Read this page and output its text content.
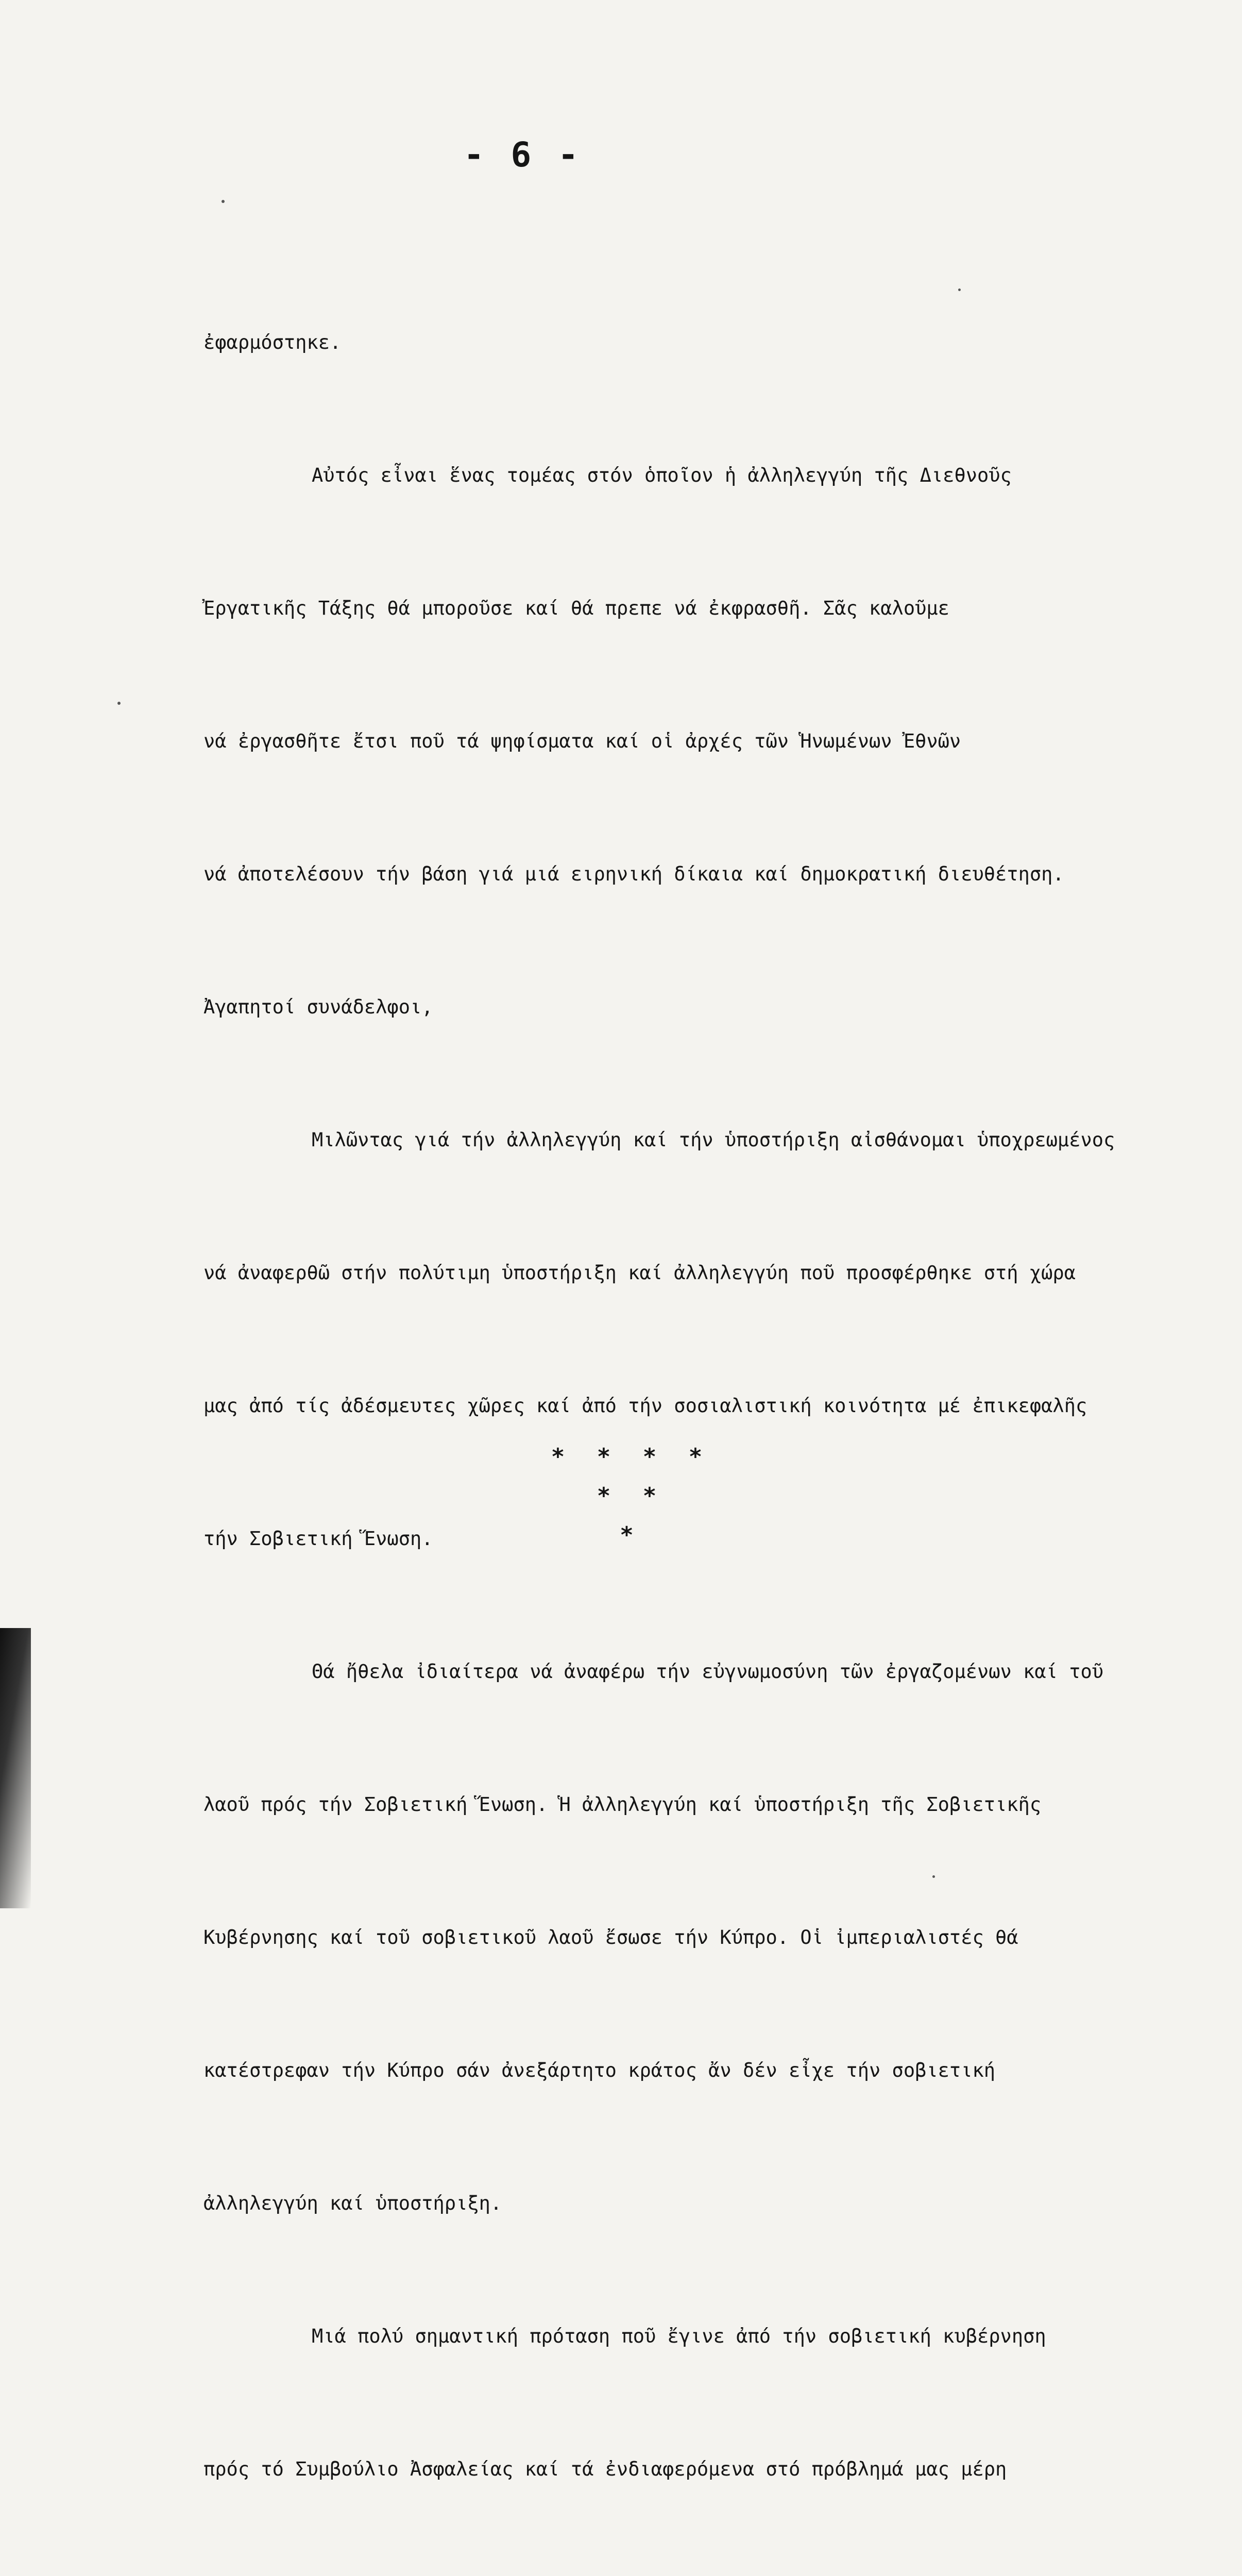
- 6 -

ἐφαρμόστηκε.

Αὐτός εἶναι ἕνας τομέας στόν ὁποῖον ἡ ἀλληλεγγύη τῆς Διεθνοῦς

Ἐργατικῆς Τάξης θά μποροῦσε καί θά πρεπε νά ἐκφρασθῆ. Σᾶς καλοῦμε

νά ἐργασθῆτε ἔτσι ποῦ τά ψηφίσματα καί οἱ ἀρχές τῶν Ἡνωμένων Ἐθνῶν

νά ἀποτελέσουν τήν βάση γιά μιά ειρηνική δίκαια καί δημοκρατική διευθέτηση.

Ἀγαπητοί συνάδελφοι,

Μιλῶντας γιά τήν ἀλληλεγγύη καί τήν ὑποστήριξη αἰσθάνομαι ὑποχρεωμένος

νά ἀναφερθῶ στήν πολύτιμη ὑποστήριξη καί ἀλληλεγγύη ποῦ προσφέρθηκε στή χώρα

μας ἀπό τίς ἀδέσμευτες χῶρες καί ἀπό τήν σοσιαλιστική κοινότητα μέ ἐπικεφαλῆς

τήν Σοβιετική Ἕνωση.

Θά ἤθελα ἰδιαίτερα νά ἀναφέρω τήν εὐγνωμοσύνη τῶν ἐργαζομένων καί τοῦ

λαοῦ πρός τήν Σοβιετική Ἕνωση. Ἡ ἀλληλεγγύη καί ὑποστήριξη τῆς Σοβιετικῆς

Κυβέρνησης καί τοῦ σοβιετικοῦ λαοῦ ἔσωσε τήν Κύπρο. Οἱ ἰμπεριαλιστές θά

κατέστρεφαν τήν Κύπρο σάν ἀνεξάρτητο κράτος ἄν δέν εἶχε τήν σοβιετική

ἀλληλεγγύη καί ὑποστήριξη.

Μιά πολύ σημαντική πρόταση ποῦ ἔγινε ἀπό τήν σοβιετική κυβέρνηση

πρός τό Συμβούλιο Ἀσφαλείας καί τά ἐνδιαφερόμενα στό πρόβλημά μας μέρη

* * * *
* *
*
